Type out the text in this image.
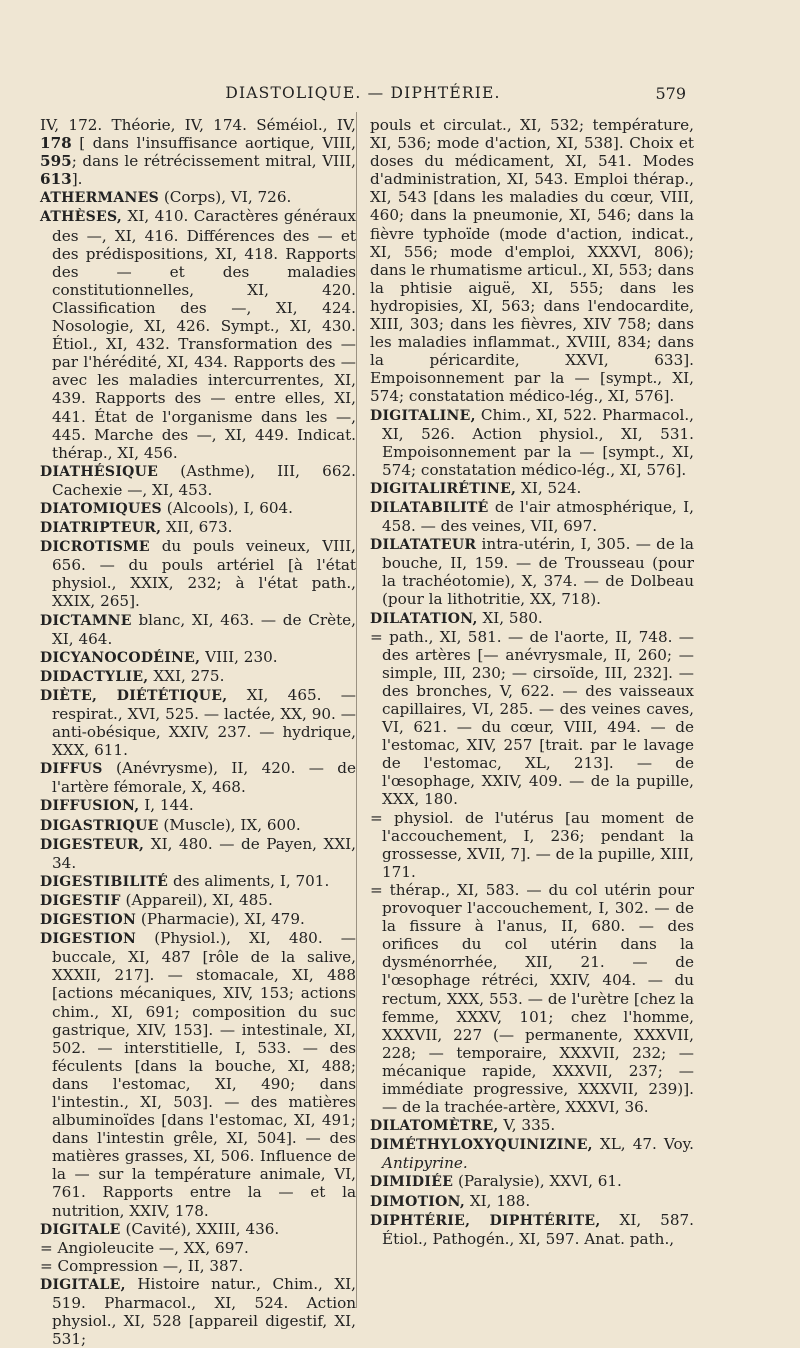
DIASTOLIQUE. — DIPHTÉRIE.	579

IV, 172. Théorie, IV, 174. Séméiol., IV, 178 [ dans l'insuffisance aortique, VIII, 595; dans le rétrécissement mitral, VIII, 613].

ATHERMANES (Corps), VI, 726.

ATHÈSES, XI, 410. Caractères généraux des —, XI, 416. Différences des — et des prédispositions, XI, 418. Rapports des — et des maladies constitutionnelles, XI, 420. Classification des —, XI, 424. Nosologie, XI, 426. Sympt., XI, 430. Étiol., XI, 432. Transformation des — par l'hérédité, XI, 434. Rapports des — avec les maladies intercurrentes, XI, 439. Rapports des — entre elles, XI, 441. État de l'organisme dans les —, 445. Marche des —, XI, 449. Indicat. thérap., XI, 456.

DIATHÉSIQUE (Asthme), III, 662. Cachexie —, XI, 453.

DIATOMIQUES (Alcools), I, 604.

DIATRIPTEUR, XII, 673.

DICROTISME du pouls veineux, VIII, 656. — du pouls artériel [à l'état physiol., XXIX, 232; à l'état path., XXIX, 265].

DICTAMNE blanc, XI, 463. — de Crète, XI, 464.

DICYANOCODÉINE, VIII, 230.

DIDACTYLIE, XXI, 275.

DIÈTE, DIÉTÉTIQUE, XI, 465. — respirat., XVI, 525. — lactée, XX, 90. — anti-obésique, XXIV, 237. — hydrique, XXX, 611.

DIFFUS (Anévrysme), II, 420. — de l'artère fémorale, X, 468.

DIFFUSION, I, 144.

DIGASTRIQUE (Muscle), IX, 600.

DIGESTEUR, XI, 480. — de Payen, XXI, 34.

DIGESTIBILITÉ des aliments, I, 701.

DIGESTIF (Appareil), XI, 485.

DIGESTION (Pharmacie), XI, 479.

DIGESTION (Physiol.), XI, 480. — buccale, XI, 487 [rôle de la salive, XXXII, 217]. — stomacale, XI, 488 [actions mécaniques, XIV, 153; actions chim., XI, 691; composition du suc gastrique, XIV, 153]. — intestinale, XI, 502. — interstitielle, I, 533. — des féculents [dans la bouche, XI, 488; dans l'estomac, XI, 490; dans l'intestin., XI, 503]. — des matières albuminoïdes [dans l'estomac, XI, 491; dans l'intestin grêle, XI, 504]. — des matières grasses, XI, 506. Influence de la — sur la température animale, VI, 761. Rapports entre la — et la nutrition, XXIV, 178.

DIGITALE (Cavité), XXIII, 436.

= Angioleucite —, XX, 697.

= Compression —, II, 387.

DIGITALE, Histoire natur., Chim., XI, 519. Pharmacol., XI, 524. Action physiol., XI, 528 [appareil digestif, XI, 531;

pouls et circulat., XI, 532; température, XI, 536; mode d'action, XI, 538]. Choix et doses du médicament, XI, 541. Modes d'administration, XI, 543. Emploi thérap., XI, 543 [dans les maladies du cœur, VIII, 460; dans la pneumonie, XI, 546; dans la fièvre typhoïde (mode d'action, indicat., XI, 556; mode d'emploi, XXXVI, 806); dans le rhumatisme articul., XI, 553; dans la phtisie aiguë, XI, 555; dans les hydropisies, XI, 563; dans l'endocardite, XIII, 303; dans les fièvres, XIV 758; dans les maladies inflammat., XVIII, 834; dans la péricardite, XXVI, 633]. Empoisonnement par la — [sympt., XI, 574; constatation médico-lég., XI, 576].

DIGITALINE, Chim., XI, 522. Pharmacol., XI, 526. Action physiol., XI, 531. Empoisonnement par la — [sympt., XI, 574; constatation médico-lég., XI, 576].

DIGITALIRÉTINE, XI, 524.

DILATABILITÉ de l'air atmosphérique, I, 458. — des veines, VII, 697.

DILATATEUR intra-utérin, I, 305. — de la bouche, II, 159. — de Trousseau (pour la trachéotomie), X, 374. — de Dolbeau (pour la lithotritie, XX, 718).

DILATATION, XI, 580.

= path., XI, 581. — de l'aorte, II, 748. — des artères [— anévrysmale, II, 260; — simple, III, 230; — cirsoïde, III, 232]. — des bronches, V, 622. — des vaisseaux capillaires, VI, 285. — des veines caves, VI, 621. — du cœur, VIII, 494. — de l'estomac, XIV, 257 [trait. par le lavage de l'estomac, XL, 213]. — de l'œsophage, XXIV, 409. — de la pupille, XXX, 180.

= physiol. de l'utérus [au moment de l'accouchement, I, 236; pendant la grossesse, XVII, 7]. — de la pupille, XIII, 171.

= thérap., XI, 583. — du col utérin pour provoquer l'accouchement, I, 302. — de la fissure à l'anus, II, 680. — des orifices du col utérin dans la dysménorrhée, XII, 21. — de l'œsophage rétréci, XXIV, 404. — du rectum, XXX, 553. — de l'urètre [chez la femme, XXXV, 101; chez l'homme, XXXVII, 227 (— permanente, XXXVII, 228; — temporaire, XXXVII, 232; — mécanique rapide, XXXVII, 237; — immédiate progressive, XXXVII, 239)]. — de la trachée-artère, XXXVI, 36.

DILATOMÈTRE, V, 335.

DIMÉTHYLOXYQUINIZINE, XL, 47. Voy. Antipyrine.

DIMIDIÉE (Paralysie), XXVI, 61.

DIMOTION, XI, 188.

DIPHTÉRIE, DIPHTÉRITE, XI, 587. Étiol., Pathogén., XI, 597. Anat. path.,
